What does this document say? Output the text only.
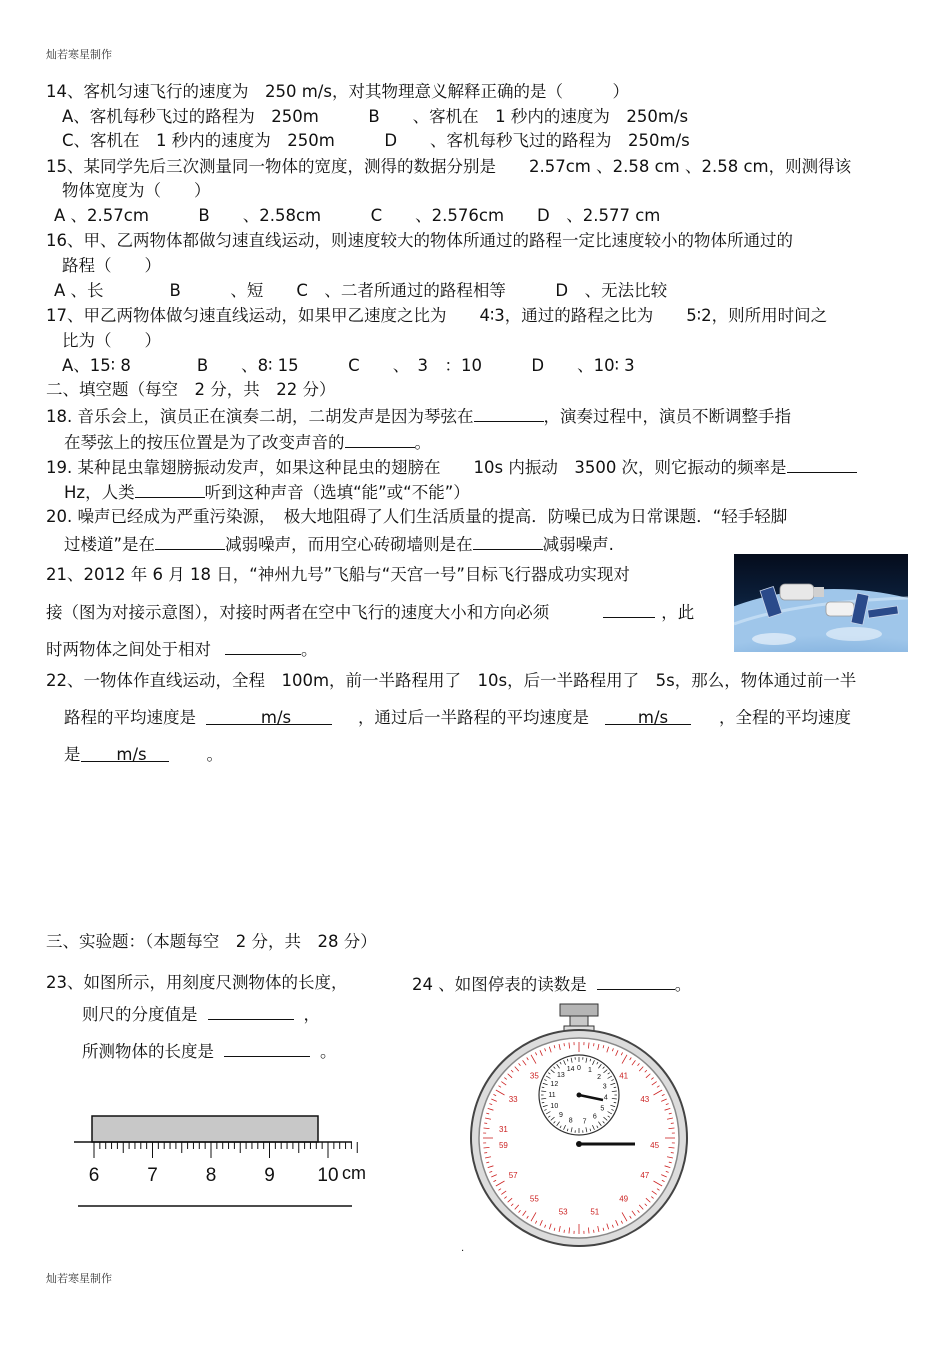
灿若寒星制作
灿若寒星制作
.
14、客机匀速飞行的速度为　250 m/s，对其物理意义解释正确的是（　　　）
A、客机每秒飞过的路程为　250m　　　B　　、客机在　1 秒内的速度为　250m/s
C、客机在　1 秒内的速度为　250m　　　D　　、客机每秒飞过的路程为　250m/s
15、某同学先后三次测量同一物体的宽度，测得的数据分别是　　2.57cm 、2.58 cm 、2.58 cm，则测得该
物体宽度为（　　）
A 、2.57cm　　　B　　、2.58cm　　　C　　、2.576cm　　D　、2.577 cm
16、甲、乙两物体都做匀速直线运动，则速度较大的物体所通过的路程一定比速度较小的物体所通过的
路程（　　）
A 、长　　　　B　　　、短　　C　、二者所通过的路程相等　　　D　、无法比较
17、甲乙两物体做匀速直线运动，如果甲乙速度之比为　　4∶3，通过的路程之比为　　5∶2，则所用时间之
比为（　　）
A、15∶ 8　　　　B　　、8∶ 15　　　C　　、　3　：10　　　D　　、10∶ 3
二、填空题（每空　2 分，共　22 分）
18. 音乐会上，演员正在演奏二胡，二胡发声是因为琴弦在	，演奏过程中，演员不断调整手指
在琴弦上的按压位置是为了改变声音的	。
19. 某种昆虫靠翅膀振动发声，如果这种昆虫的翅膀在　　10s 内振动　3500 次，则它振动的频率是
Hz，人类	听到这种声音（选填“能”或“不能”）
20. 噪声已经成为严重污染源，　极大地阻碍了人们生活质量的提高．防噪已成为日常课题．“轻手轻脚
过楼道”是在	减弱噪声，而用空心砖砌墙则是在	减弱噪声.
21、2012 年 6 月 18 日，“神州九号”飞船与“天宫一号”目标飞行器成功实现对
接（图为对接示意图），对接时两者在空中飞行的速度大小和方向必须	，此
时两物体之间处于相对	。
22、一物体作直线运动，全程　100m，前一半路程用了　10s，后一半路程用了　5s，那么，物体通过前一半
路程的平均速度是	m/s	，通过后一半路程的平均速度是	m/s	，全程的平均速度
是 m/s	。
三、实验题：（本题每空　2 分，共　28 分）
23、如图所示，用刻度尺测物体的长度，
则尺的分度值是	，
所测物体的长度是	。
24 、如图停表的读数是	。
6	7	8	9 10 cm
59
31
57
33
55
35
53	51
49
41
47
43
45
14 0 1
13	2
12	3
11	4
10	5
9	6
8 7
